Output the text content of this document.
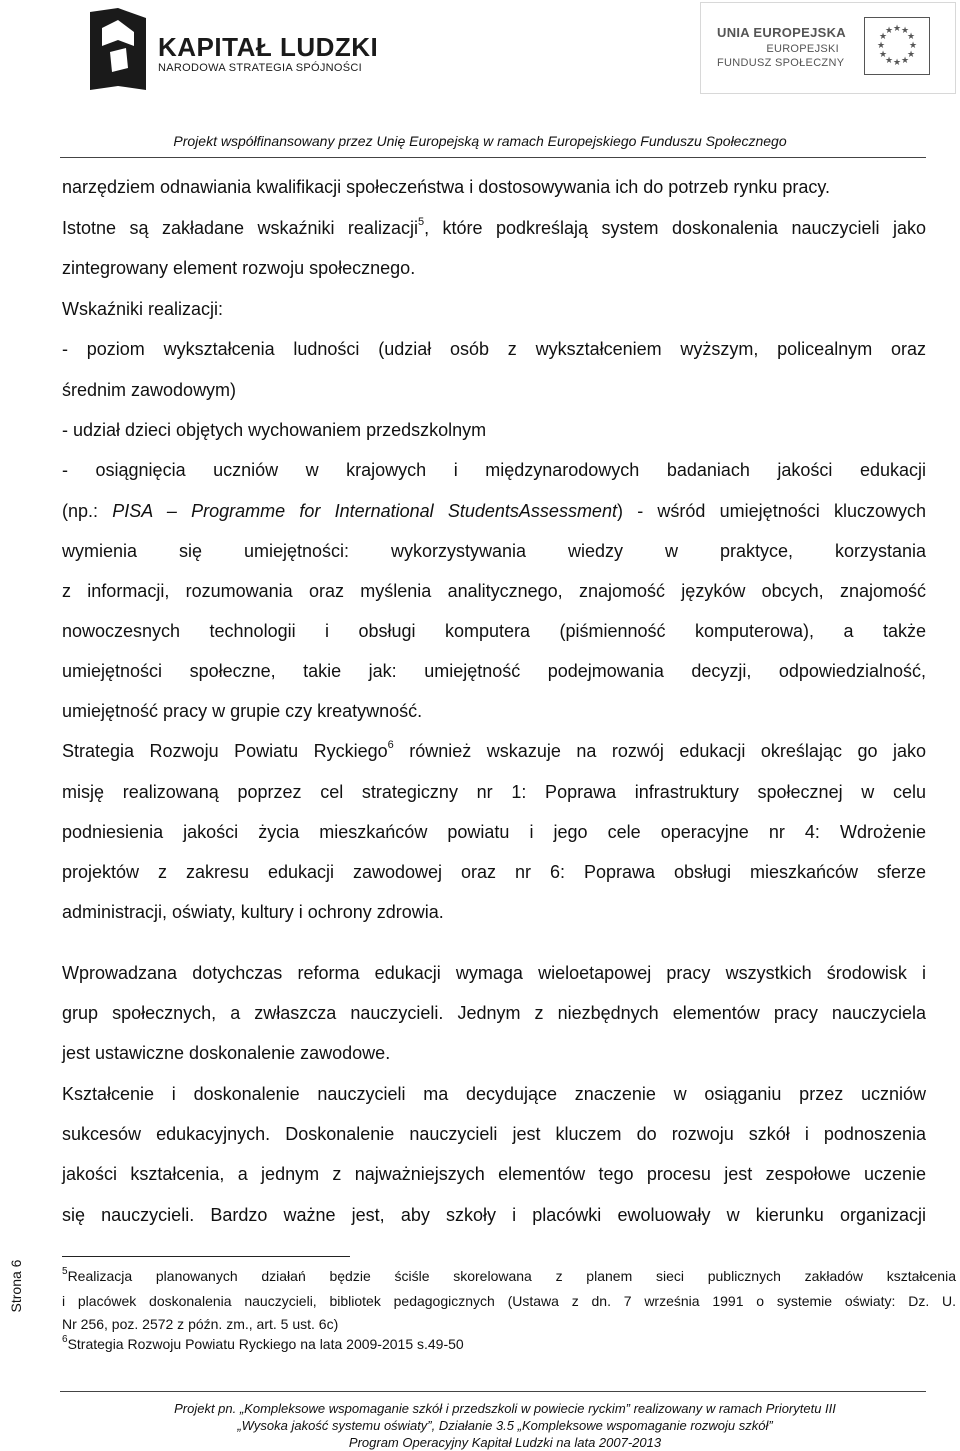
KAPITAŁ LUDZKI
NARODOWA STRATEGIA SPÓJNOŚCI
UNIA EUROPEJSKA
EUROPEJSKI
FUNDUSZ SPOŁECZNY
★ ★
★
★
★
★
★
★
★
★
★
★
Projekt współfinansowany przez Unię Europejską w ramach Europejskiego Funduszu Społecznego
narzędziem odnawiania kwalifikacji społeczeństwa i dostosowywania ich do potrzeb rynku pracy.
Istotne są zakładane wskaźniki realizacji$^5$, które podkreślają system doskonalenia nauczycieli jako
zintegrowany element rozwoju społecznego.
Wskaźniki realizacji:
- poziom wykształcenia ludności (udział osób z wykształceniem wyższym, policealnym oraz
średnim zawodowym)
- udział dzieci objętych wychowaniem przedszkolnym
- osiągnięcia uczniów w krajowych i międzynarodowych badaniach jakości edukacji
(np.: PISA – Programme for International StudentsAssessment) - wśród umiejętności kluczowych
wymienia się umiejętności: wykorzystywania wiedzy w praktyce, korzystania
z informacji, rozumowania oraz myślenia analitycznego, znajomość języków obcych, znajomość
nowoczesnych technologii i obsługi komputera (piśmienność komputerowa), a także
umiejętności społeczne, takie jak: umiejętność podejmowania decyzji, odpowiedzialność,
umiejętność pracy w grupie czy kreatywność.
Strategia Rozwoju Powiatu Ryckiego$^6$ również wskazuje na rozwój edukacji określając go jako
misję realizowaną poprzez cel strategiczny nr 1: Poprawa infrastruktury społecznej w celu
podniesienia jakości życia mieszkańców powiatu i jego cele operacyjne nr 4: Wdrożenie
projektów z zakresu edukacji zawodowej oraz nr 6: Poprawa obsługi mieszkańców sferze
administracji, oświaty, kultury i ochrony zdrowia.
Wprowadzana dotychczas reforma edukacji wymaga wieloetapowej pracy wszystkich środowisk i
grup społecznych, a zwłaszcza nauczycieli. Jednym z niezbędnych elementów pracy nauczyciela
jest ustawiczne doskonalenie zawodowe.
Kształcenie i doskonalenie nauczycieli ma decydujące znaczenie w osiąganiu przez uczniów
sukcesów edukacyjnych. Doskonalenie nauczycieli jest kluczem do rozwoju szkół i podnoszenia
jakości kształcenia, a jednym z najważniejszych elementów tego procesu jest zespołowe uczenie
się nauczycieli. Bardzo ważne jest, aby szkoły i placówki ewoluowały w kierunku organizacji
Strona 6	$^5$Realizacja planowanych działań będzie ściśle skorelowana z planem sieci publicznych zakładów kształcenia
i placówek doskonalenia nauczycieli, bibliotek pedagogicznych (Ustawa z dn. 7 września 1991 o systemie oświaty: Dz. U.
Nr 256, poz. 2572 z późn. zm., art. 5 ust. 6c)
$^6$Strategia Rozwoju Powiatu Ryckiego na lata 2009-2015 s.49-50
Projekt pn. „Kompleksowe wspomaganie szkół i przedszkoli w powiecie ryckim” realizowany w ramach Priorytetu III
„Wysoka jakość systemu oświaty”, Działanie 3.5 „Kompleksowe wspomaganie rozwoju szkół”
Program Operacyjny Kapitał Ludzki na lata 2007-2013
